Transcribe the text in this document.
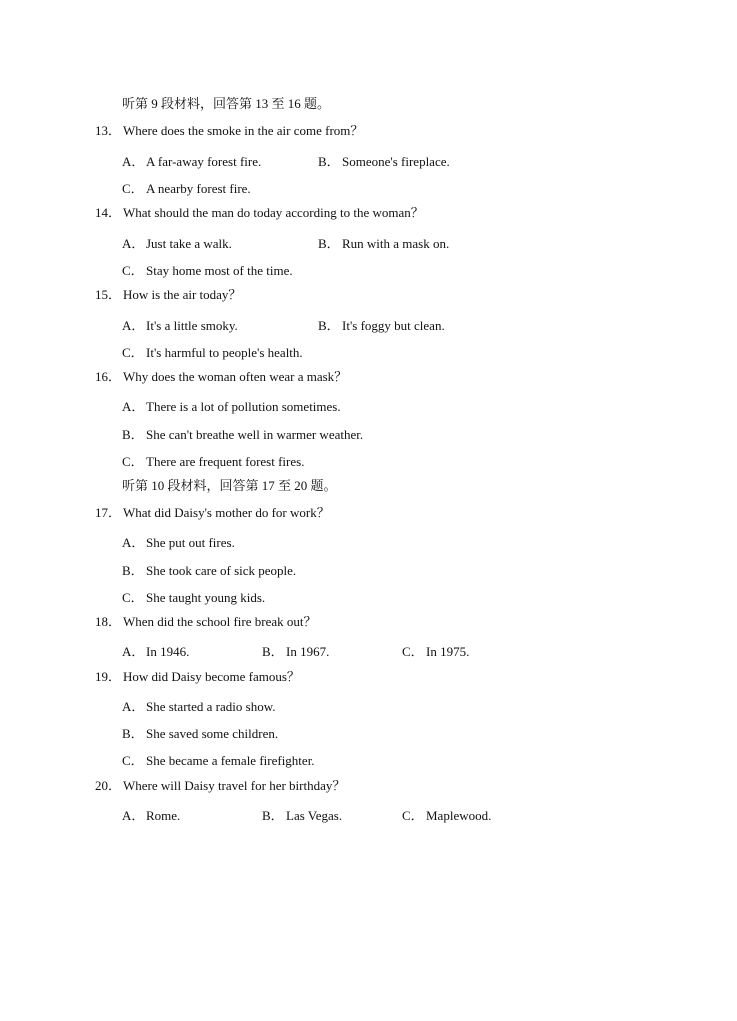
听第 9 段材料，回答第 13 至 16 题。
13． Where does the smoke in the air come from？
A． A far-away forest fire.	B． Someone's fireplace.
C． A nearby forest fire.
14． What should the man do today according to the woman？
A． Just take a walk.	B． Run with a mask on.
C． Stay home most of the time.
15． How is the air today？
A． It's a little smoky.	B． It's foggy but clean.
C． It's harmful to people's health.
16． Why does the woman often wear a mask？
A． There is a lot of pollution sometimes.
B． She can't breathe well in warmer weather.
C． There are frequent forest fires.
听第 10 段材料，回答第 17 至 20 题。
17． What did Daisy's mother do for work？
A． She put out fires.
B． She took care of sick people.
C． She taught young kids.
18． When did the school fire break out？
A． In 1946.	B． In 1967.	C． In 1975.
19． How did Daisy become famous？
A． She started a radio show.
B． She saved some children.
C． She became a female firefighter.
20． Where will Daisy travel for her birthday？
A． Rome.	B． Las Vegas.	C． Maplewood.
